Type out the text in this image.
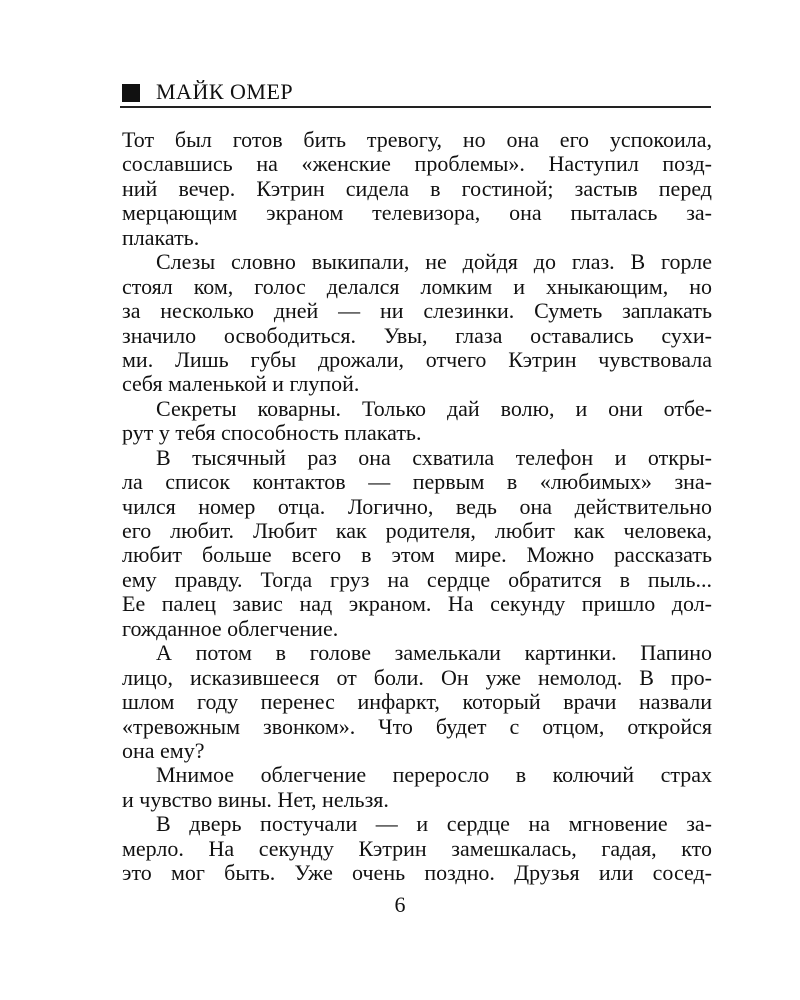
МАЙК ОМЕР
Тот был готов бить тревогу, но она его успокоила,
сославшись на «женские проблемы». Наступил позд-
ний вечер. Кэтрин сидела в гостиной; застыв перед
мерцающим экраном телевизора, она пыталась за-
плакать.
Слезы словно выкипали, не дойдя до глаз. В горле
стоял ком, голос делался ломким и хныкающим, но
за несколько дней — ни слезинки. Суметь заплакать
значило освободиться. Увы, глаза оставались сухи-
ми. Лишь губы дрожали, отчего Кэтрин чувствовала
себя маленькой и глупой.
Секреты коварны. Только дай волю, и они отбе-
рут у тебя способность плакать.
В тысячный раз она схватила телефон и откры-
ла список контактов — первым в «любимых» зна-
чился номер отца. Логично, ведь она действительно
его любит. Любит как родителя, любит как человека,
любит больше всего в этом мире. Можно рассказать
ему правду. Тогда груз на сердце обратится в пыль...
Ее палец завис над экраном. На секунду пришло дол-
гожданное облегчение.
А потом в голове замелькали картинки. Папино
лицо, исказившееся от боли. Он уже немолод. В про-
шлом году перенес инфаркт, который врачи назвали
«тревожным звонком». Что будет с отцом, откройся
она ему?
Мнимое облегчение переросло в колючий страх
и чувство вины. Нет, нельзя.
В дверь постучали — и сердце на мгновение за-
мерло. На секунду Кэтрин замешкалась, гадая, кто
это мог быть. Уже очень поздно. Друзья или сосед-
6
